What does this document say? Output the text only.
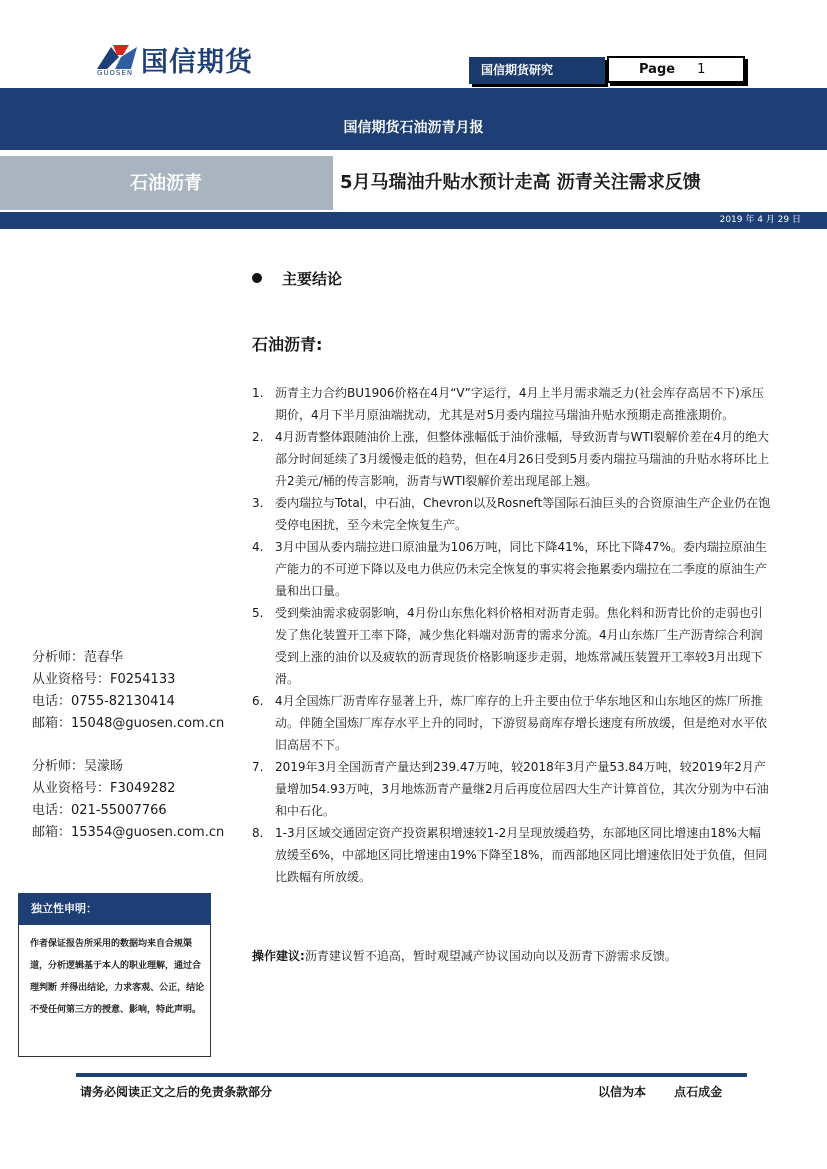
国信期货
GUOSEN	国信期货研究	Page 1
国信期货石油沥青月报
石油沥青	5月马瑞油升贴水预计走高 沥青关注需求反馈
2019 年 4 月 29 日
主要结论
石油沥青:
1. 沥青主力合约BU1906价格在4月“V”字运行，4月上半月需求端乏力(社会库存高居不下)承压期价，4月下半月原油端扰动，尤其是对5月委内瑞拉马瑞油升贴水预期走高推涨期价。
2. 4月沥青整体跟随油价上涨，但整体涨幅低于油价涨幅，导致沥青与WTI裂解价差在4月的绝大部分时间延续了3月缓慢走低的趋势，但在4月26日受到5月委内瑞拉马瑞油的升贴水将环比上升2美元/桶的传言影响，沥青与WTI裂解价差出现尾部上翘。
3. 委内瑞拉与Total，中石油，Chevron以及Rosneft等国际石油巨头的合资原油生产企业仍在饱受停电困扰，至今未完全恢复生产。
4. 3月中国从委内瑞拉进口原油量为106万吨，同比下降41%，环比下降47%。委内瑞拉原油生产能力的不可逆下降以及电力供应仍未完全恢复的事实将会拖累委内瑞拉在二季度的原油生产量和出口量。
5. 受到柴油需求疲弱影响，4月份山东焦化料价格相对沥青走弱。焦化料和沥青比价的走弱也引发了焦化装置开工率下降，减少焦化料端对沥青的需求分流。4月山东炼厂生产沥青综合利润受到上涨的油价以及疲软的沥青现货价格影响逐步走弱，地炼常减压装置开工率较3月出现下滑。
6. 4月全国炼厂沥青库存显著上升，炼厂库存的上升主要由位于华东地区和山东地区的炼厂所推动。伴随全国炼厂库存水平上升的同时，下游贸易商库存增长速度有所放缓，但是绝对水平依旧高居不下。
7. 2019年3月全国沥青产量达到239.47万吨，较2018年3月产量53.84万吨，较2019年2月产量增加54.93万吨，3月地炼沥青产量继2月后再度位居四大生产计算首位，其次分别为中石油和中石化。
8. 1-3月区域交通固定资产投资累积增速较1-2月呈现放缓趋势，东部地区同比增速由18%大幅放缓至6%，中部地区同比增速由19%下降至18%，而西部地区同比增速依旧处于负值，但同比跌幅有所放缓。
操作建议:沥青建议暂不追高，暂时观望减产协议国动向以及沥青下游需求反馈。
分析师：范春华
从业资格号：F0254133
电话：0755-82130414
邮箱：15048@guosen.com.cn
分析师：吴濛旸
从业资格号：F3049282
电话：021-55007766
邮箱：15354@guosen.com.cn
独立性申明：
作者保证报告所采用的数据均来自合规渠道，分析逻辑基于本人的职业理解，通过合理判断 并得出结论，力求客观、公正，结论不受任何第三方的授意、影响，特此声明。
请务必阅读正文之后的免责条款部分	以信为本 点石成金
